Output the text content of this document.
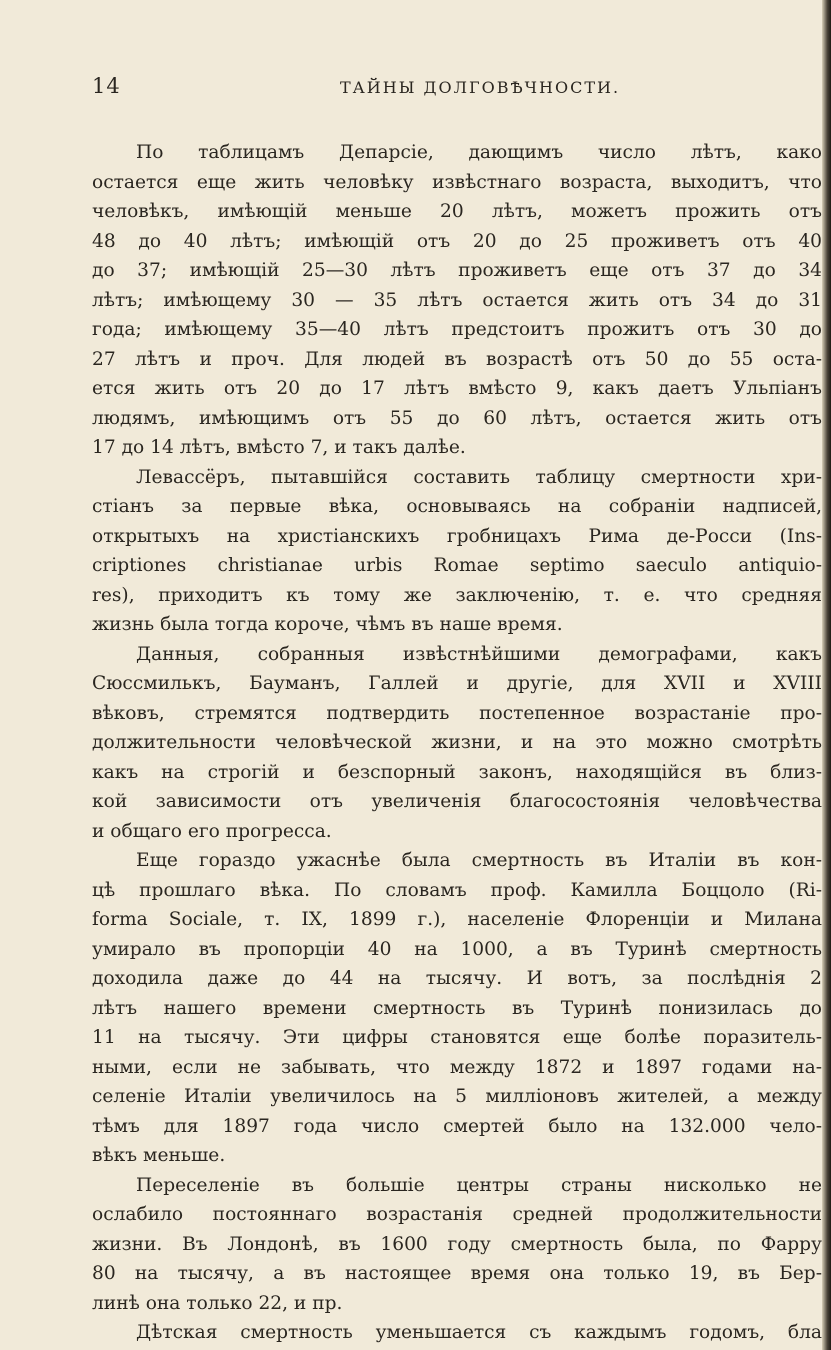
14	ТАЙНЫ ДОЛГОВѢЧНОСТИ.
По таблицамъ Депарсіе, дающимъ число лѣтъ, како
остается еще жить человѣку извѣстнаго возраста, выходитъ, что
человѣкъ, имѣющій меньше 20 лѣтъ, можетъ прожить отъ
48 до 40 лѣтъ; имѣющій отъ 20 до 25 проживетъ отъ 40
до 37; имѣющій 25—30 лѣтъ проживетъ еще отъ 37 до 34
лѣтъ; имѣющему 30 — 35 лѣтъ остается жить отъ 34 до 31
года; имѣющему 35—40 лѣтъ предстоитъ прожитъ отъ 30 до
27 лѣтъ и проч. Для людей въ возрастѣ отъ 50 до 55 оста-
ется жить отъ 20 до 17 лѣтъ вмѣсто 9, какъ даетъ Ульпіанъ
людямъ, имѣющимъ отъ 55 до 60 лѣтъ, остается жить отъ
17 до 14 лѣтъ, вмѣсто 7, и такъ далѣе.
Левассёръ, пытавшійся составить таблицу смертности хри-
стіанъ за первые вѣка, основываясь на собраніи надписей,
открытыхъ на христіанскихъ гробницахъ Рима де-Росси (Ins-
criptiones christianae urbis Romae septimo saeculo antiquio-
res), приходитъ къ тому же заключенію, т. е. что средняя
жизнь была тогда короче, чѣмъ въ наше время.
Данныя, собранныя извѣстнѣйшими демографами, какъ
Сюссмилькъ, Бауманъ, Галлей и другіе, для XVII и XVIII
вѣковъ, стремятся подтвердить постепенное возрастаніе про-
должительности человѣческой жизни, и на это можно смотрѣть
какъ на строгій и безспорный законъ, находящійся въ близ-
кой зависимости отъ увеличенія благосостоянія человѣчества
и общаго его прогресса.
Еще гораздо ужаснѣе была смертность въ Италіи въ кон-
цѣ прошлаго вѣка. По словамъ проф. Камилла Боццоло (Ri-
forma Sociale, т. IX, 1899 г.), населеніе Флоренціи и Милана
умирало въ пропорціи 40 на 1000, а въ Туринѣ смертность
доходила даже до 44 на тысячу. И вотъ, за послѣднія 2
лѣтъ нашего времени смертность въ Туринѣ понизилась до
11 на тысячу. Эти цифры становятся еще болѣе поразитель-
ными, если не забывать, что между 1872 и 1897 годами на-
селеніе Италіи увеличилось на 5 милліоновъ жителей, а между
тѣмъ для 1897 года число смертей было на 132.000 чело-
вѣкъ меньше.
Переселеніе въ большіе центры страны нисколько не
ослабило постояннаго возрастанія средней продолжительности
жизни. Въ Лондонѣ, въ 1600 году смертность была, по Фарру
80 на тысячу, а въ настоящее время она только 19, въ Бер-
линѣ она только 22, и пр.
Дѣтская смертность уменьшается съ каждымъ годомъ, бла
